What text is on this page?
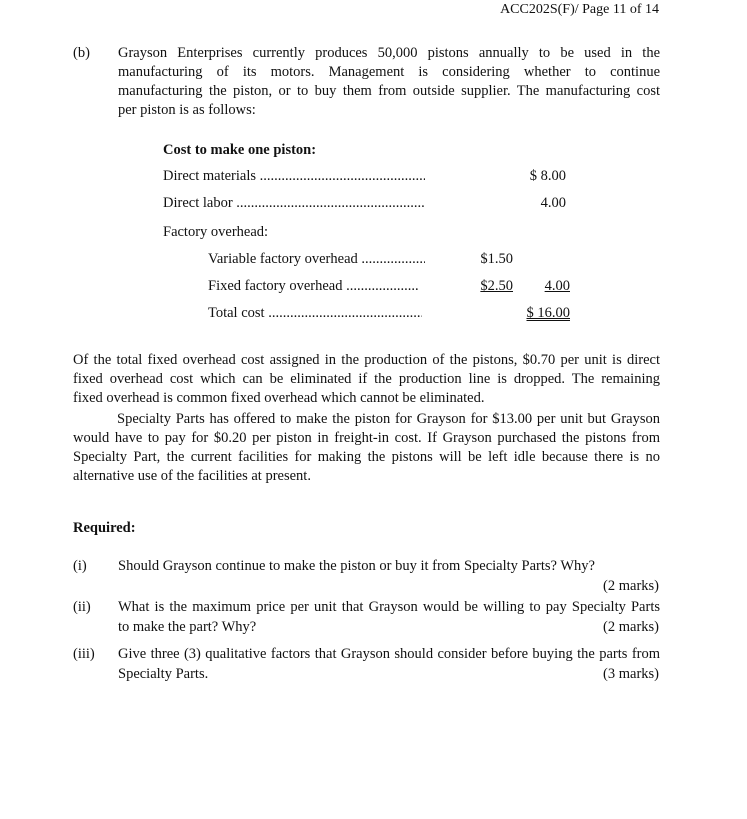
ACC202S(F)/ Page 11 of 14
(b) Grayson Enterprises currently produces 50,000 pistons annually to be used in the
manufacturing of its motors. Management is considering whether to continue
manufacturing the piston, or to buy them from outside supplier. The manufacturing cost
per piston is as follows:
Cost to make one piston:
Direct materials .....	$ 8.00
Direct labor .....	4.00
Factory overhead:
Variable factory overhead .....	$1.50
Fixed factory overhead .....	$2.50	4.00
Total cost .....	$ 16.00
Of the total fixed overhead cost assigned in the production of the pistons, $0.70 per unit is direct
fixed overhead cost which can be eliminated if the production line is dropped. The remaining
fixed overhead is common fixed overhead which cannot be eliminated.
Specialty Parts has offered to make the piston for Grayson for $13.00 per unit but Grayson
would have to pay for $0.20 per piston in freight-in cost. If Grayson purchased the pistons from
Specialty Part, the current facilities for making the pistons will be left idle because there is no
alternative use of the facilities at present.
Required:
(i) Should Grayson continue to make the piston or buy it from Specialty Parts? Why?
(2 marks)
(ii) What is the maximum price per unit that Grayson would be willing to pay Specialty Parts
to make the part? Why?	(2 marks)
(iii) Give three (3) qualitative factors that Grayson should consider before buying the parts from
Specialty Parts.	(3 marks)
